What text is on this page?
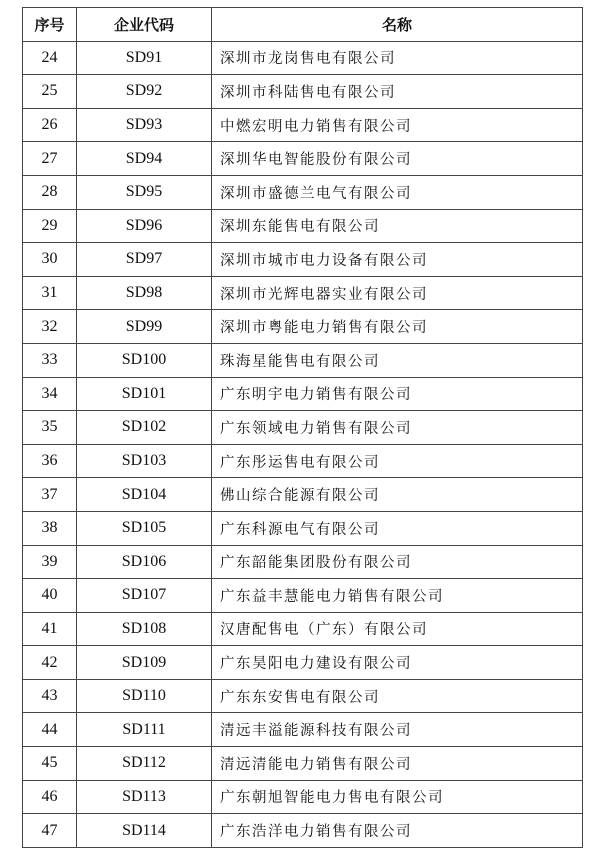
序号	企业代码	名称
24	SD91	深圳市龙岗售电有限公司
25	SD92	深圳市科陆售电有限公司
26	SD93	中燃宏明电力销售有限公司
27	SD94	深圳华电智能股份有限公司
28	SD95	深圳市盛德兰电气有限公司
29	SD96	深圳东能售电有限公司
30	SD97	深圳市城市电力设备有限公司
31	SD98	深圳市光辉电器实业有限公司
32	SD99	深圳市粤能电力销售有限公司
33	SD100	珠海星能售电有限公司
34	SD101	广东明宇电力销售有限公司
35	SD102	广东领域电力销售有限公司
36	SD103	广东彤运售电有限公司
37	SD104	佛山综合能源有限公司
38	SD105	广东科源电气有限公司
39	SD106	广东韶能集团股份有限公司
40	SD107	广东益丰慧能电力销售有限公司
41	SD108	汉唐配售电（广东）有限公司
42	SD109	广东昊阳电力建设有限公司
43	SD110	广东东安售电有限公司
44	SD111	清远丰溢能源科技有限公司
45	SD112	清远清能电力销售有限公司
46	SD113	广东朝旭智能电力售电有限公司
47	SD114	广东浩洋电力销售有限公司
